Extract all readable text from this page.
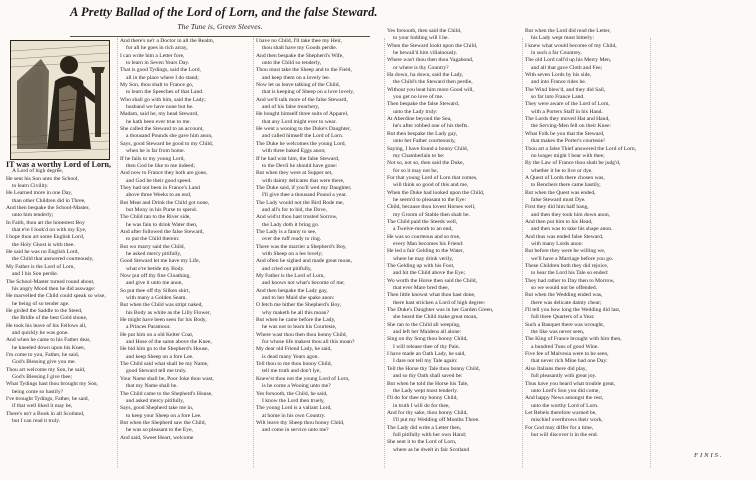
A Pretty Ballad of the Lord of Lorn, and the false Steward.
The Tune is, Green Sleeves.
IT was a worthy Lord of Lorn,
A Lord of high degree,
He sent his Son unto the School,
to learn Civility.
He Learned more in one Day,
than other Children did in Three,
And then bespake the School-Master,
unto him tenderly;
In Faith, thou art the honestest Boy
that e're I look'd on with my Eye,
I hope thou art some English Lord,
the Holy Ghost is with thee.
He said he was no English Lord,
the Child that answered courteously,
My Father is the Lord of Lorn,
and I his Son perdie.
The School-Master turned round about,
his angry Mood then he did asswage:
He marvelled the Child could speak so wise,
he being of so tender age.
He girded the Saddle to the Steed,
the Bridle of the best Gold shone,
He took his leave of his Fellows all,
and quickly he was gone.
And when he came to his Father dear,
he kneeled down upon his Knee,
I'm come to you, Father, he said,
God's Blessing give you me.
Thou art welcome my Son, he said,
God's Blessing I give thee;
What Tydings hast thou brought my Son,
being come so hastily?
I've brought Tydings, Father, he said,
if that well liked it may be,
There's ne'r a Book in all Scotland,
but I can read it truly.
And there's ne'r a Doctor in all the Realm,
for all he goes in rich array,
I can write him a Letter fore,
to learn in Seven Years Day.
That is good Tydings, said the Lord,
all in the place where I do stand;
My Son, thou shalt to France go,
to learn the Speeches of that Land.
Who shall go with him, said the Lady;
husband we have none but he.
Madam, said he, my head Steward,
he hath been ever true to me.
She called the Steward to an account,
a thousand Pounds she gave him anon,
Says, good Steward be good to my Child,
when he is far from home.
If he fails to my young Lord,
then God be like to me indeed;
And now to France they both are gone,
and God be their good speed.
They had not been in France's Land
above three Weeks to an end,
But Meat and Drink the Child got none,
but Mony in his Purse to spend.
The Child ran to the River side,
he was fain to drink Water then,
And after followed the false Steward,
to put the Child therein:
But wo marry said the Child,
he asked mercy pitifully,
Good Steward let me have my Life,
what e're betide my Body.
Now put off thy fine Cloathing,
and give it unto me anon,
So put thee off thy Silken shirt,
with many a Golden Seam.
But when the Child was stript naked,
his Body as white as the Lilly Flower,
He might have been seen for his Body,
a Princes Paramour.
He put him on a old Kelter Coat,
and Hose of the same above the Knee,
He bid him go to the Shepherd's House,
and keep Sheep on a fore Lee.
The Child said what shall be my Name,
good Steward tell me truly.
Your Name shall be, Poor Joke thou wast,
that my Name shall be.
The Child came to the Shepherd's House,
and asked mercy pitifully,
Says, good Shepherd take me in,
to keep your Sheep on a fore Lee.
But when the Shepherd saw the Child,
he was so pleasant to the Eye,
And said, Sweet Heart, welcome
I have no Child, I'll take thee my Heir,
thou shalt have my Goods perdie.
And then bespake the Shepherd's Wife,
unto the Child so tenderly,
Thou must take the Sheep and to the Field,
and keep them on a lovely lee.
Now let us leave talking of the Child,
that is keeping of Sheep on a love lovely,
And we'll talk more of the false Steward,
and of his false treachery,
He bought himself three suits of Apparel,
that any Lord might ever to wear.
He went a wooing to the Duke's Daughter,
and called himself the Lord of Lorn.
The Duke he welcomes the young Lord,
with three baked Eggs anon;
If he had wist him, the false Steward,
to the Devil he should have gone:
But when they were at Supper set,
with dainty delicates that were there,
The Duke said, if you'll wed my Daughter,
I'll give thee a thousand Pound a year.
The Lady would not the Bird Bode me,
and all's for to bid, the Dove,
And wid'st thou hast trusted Sorrow,
the Lady doth it bring go.
The Lady is a fanny to see,
over the ruff ready to ring.
There was the marrier a Shepherd's Boy,
with Sheep on a lee lovely;
And often he sighed and made great moan,
and cried out pitifully,
My Father is the Lord of Lorn,
and knows not what's become of me;
And then bespake the Lady gay,
and to her Maid she spake anon:
O fetch me hither the Shepherd's Boy,
why maketh he all this moan?
But when he came before the Lady,
he was not to learn his Courtesie,
Where wast thou then thou bonny Child,
for whose life makest thou all this moan?
My dear old Friend Lady, he said,
is dead many Years agon.
Tell thou to me thou bonny Child,
tell me truth and don't lye,
Knew'st thou not the young Lord of Lorn,
is he come a Wooing unto me?
Yes forsooth, the Child, he said,
I know the Lord then truely,
The young Lord is a valiant Lord,
at home in his own Country.
Wilt leave thy Sheep thou bonny Child,
and come in service unto me?
Yes forsooth, then said the Child,
to your bidding will I be.
When the Steward lookt upon the Child,
he bewail'd him villainously.
Where was't thou then thou Vagabond,
or where is thy Country?
Ha down, ha down, said the Lady,
the Child's the Steward then perdie,
Without you beat him more Good will,
you get no love of me.
Then bespake the false Steward,
unto the Lady truly:
At Aberdine beyond the Sea,
he's after robbed one of his thefts.
But then bespake the Lady gay,
unto her Father courteously,
Saying, I have found a bonny Child,
my Chamberlain to be:
Not so, not so, then said the Duke,
for so it may not be,
For that young Lord of Lorn that comes,
will think so good of this and me,
When the Duke had looked upon the Child,
he seem'd to pleasant to the Eye:
Child, because thou lovest Horses well,
my Groom of Stable then shalt be.
The Child paid the Steeds well,
a Twelve-month to an end,
He was so courteous and so true,
every Man becomes his Friend:
He led a fair Gelding to the Water,
where he may drink verily,
The Gelding up with his Foot,
and hit the Child above the Eye;
Wo worth the Horse then said the Child,
that ever Mare bred thee,
Then little knowst what thou hast done,
there hast stricken a Lord of high degree:
The Duke's Daughter was in her Garden Green,
she heard the Child make great moan,
She ran to the Child all weeping,
and left her Maidens all alone:
Sing on thy Song thou bonny Child,
I will release thee of thy Pain.
I have made an Oath Lady, he said,
I dare not tell my Tale again:
Tell the Horse thy Tale thou bonny Child,
and so thy Oath shall saved be:
But when he told the Horse his Tale,
the Lady wept most tenderly.
I'll do for thee my bonny Child,
in truth I will do for thee,
And for thy sake, thou bonny Child,
I'll put my Wedding off Months Three.
The Lady did write a Letter then,
full pitifully with her own Hand;
She sent it to the Lord of Lorn,
where as he dwelt in fair Scotland
But when the Lord did read the Letter,
his Lady wept most bitterly:
I knew what would become of my Child,
in such a far Countrey.
The old Lord call'd up his Merry Men,
and all that gave Cloth and Fee;
With seven Lords by his side,
and into France rides he.
The Wind blew'd, and they did Sail,
so far into France Land.
They were aware of the Lord of Lorn,
with a Porters Staff in his Hand.
The Lords they moved Hat and Hand,
the Serving-Men fell on their Knee:
What Folk be you that the Steward,
that makes the Porter's courtesie!
Thou art a false Thief answered the Lord of Lorn,
no longer might I bear with thee;
By the Law of France thou shalt be judg'd,
whether it be to live or dye.
A Quest of Lords there chosen was,
to Benchers there came hastily,
But when the Quest was ended,
false Steward must Dye.
First they did him half hang,
and then they took him down anon,
And then put him to his Head,
and then was to take his shape anon.
And thus was ended false Steward,
with many Lords anon:
But before they were be willing we,
we'll have a Marriage before you go.
These Children both they did rejoice,
to hear the Lord his Tale so ended:
They had rather to Day then to Morrow,
so we would not be offended.
But when the Wedding ended was,
there was delicate dainty chear;
I'll tell you how long the Wedding did last,
full three Quarters of a Year.
Such a Banquet there was wrought,
the like was never seen,
The King of France brought with him then,
a hundred Tuns of good Wine.
Five fee of Malvesia were to be seen,
that never rich Mine had one Day:
Also Italians there did play,
full pleasantly with great joy.
Thus have you heard what trouble great,
unto Lord's Son you did come,
And happy News amongst the rest,
unto the worthy Lord of Lorn.
Let Rebels therefore warned be,
mischief overthrows their work,
For God may differ for a time,
but will discover it in the end.
FINIS.
